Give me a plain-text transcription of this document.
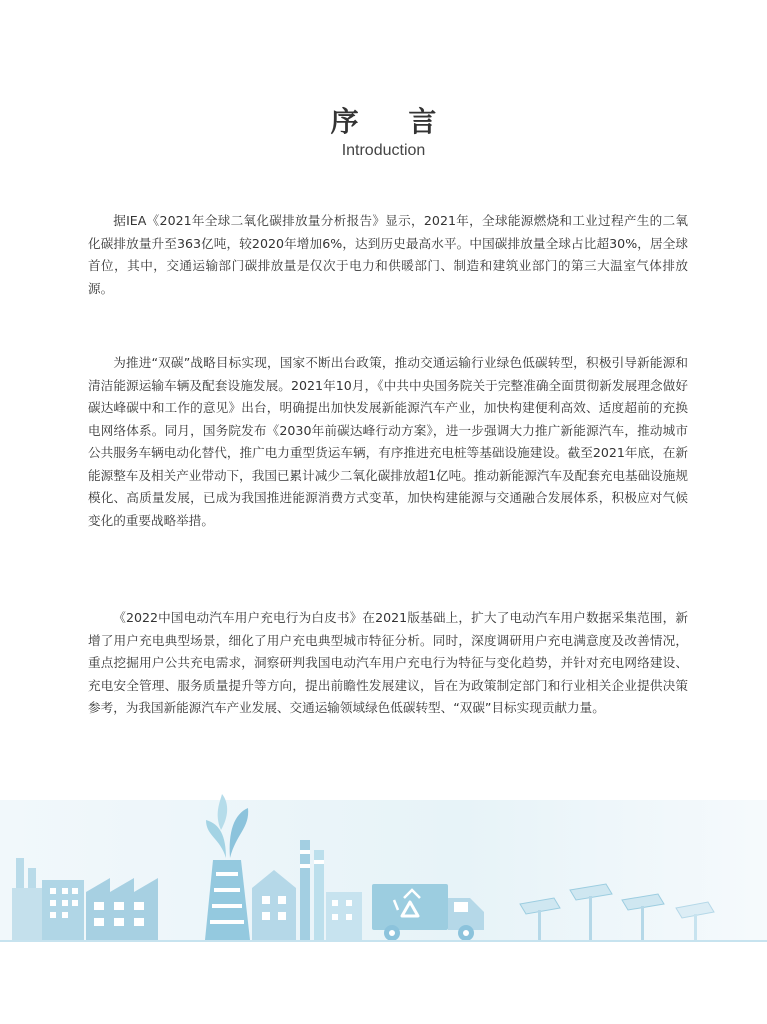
序 言
Introduction

据IEA《2021年全球二氧化碳排放量分析报告》显示，2021年，全球能源燃烧和工业过程产生的二氧化碳排放量升至363亿吨，较2020年增加6%，达到历史最高水平。中国碳排放量全球占比超30%，居全球首位，其中，交通运输部门碳排放量是仅次于电力和供暖部门、制造和建筑业部门的第三大温室气体排放源。

为推进“双碳”战略目标实现，国家不断出台政策，推动交通运输行业绿色低碳转型，积极引导新能源和清洁能源运输车辆及配套设施发展。2021年10月，《中共中央国务院关于完整准确全面贯彻新发展理念做好碳达峰碳中和工作的意见》出台，明确提出加快发展新能源汽车产业，加快构建便利高效、适度超前的充换电网络体系。同月，国务院发布《2030年前碳达峰行动方案》，进一步强调大力推广新能源汽车，推动城市公共服务车辆电动化替代，推广电力重型货运车辆，有序推进充电桩等基础设施建设。截至2021年底，在新能源整车及相关产业带动下，我国已累计减少二氧化碳排放超1亿吨。推动新能源汽车及配套充电基础设施规模化、高质量发展，已成为我国推进能源消费方式变革，加快构建能源与交通融合发展体系，积极应对气候变化的重要战略举措。

《2022中国电动汽车用户充电行为白皮书》在2021版基础上，扩大了电动汽车用户数据采集范围，新增了用户充电典型场景，细化了用户充电典型城市特征分析。同时，深度调研用户充电满意度及改善情况，重点挖掘用户公共充电需求，洞察研判我国电动汽车用户充电行为特征与变化趋势，并针对充电网络建设、充电安全管理、服务质量提升等方向，提出前瞻性发展建议，旨在为政策制定部门和行业相关企业提供决策参考，为我国新能源汽车产业发展、交通运输领域绿色低碳转型、“双碳”目标实现贡献力量。
